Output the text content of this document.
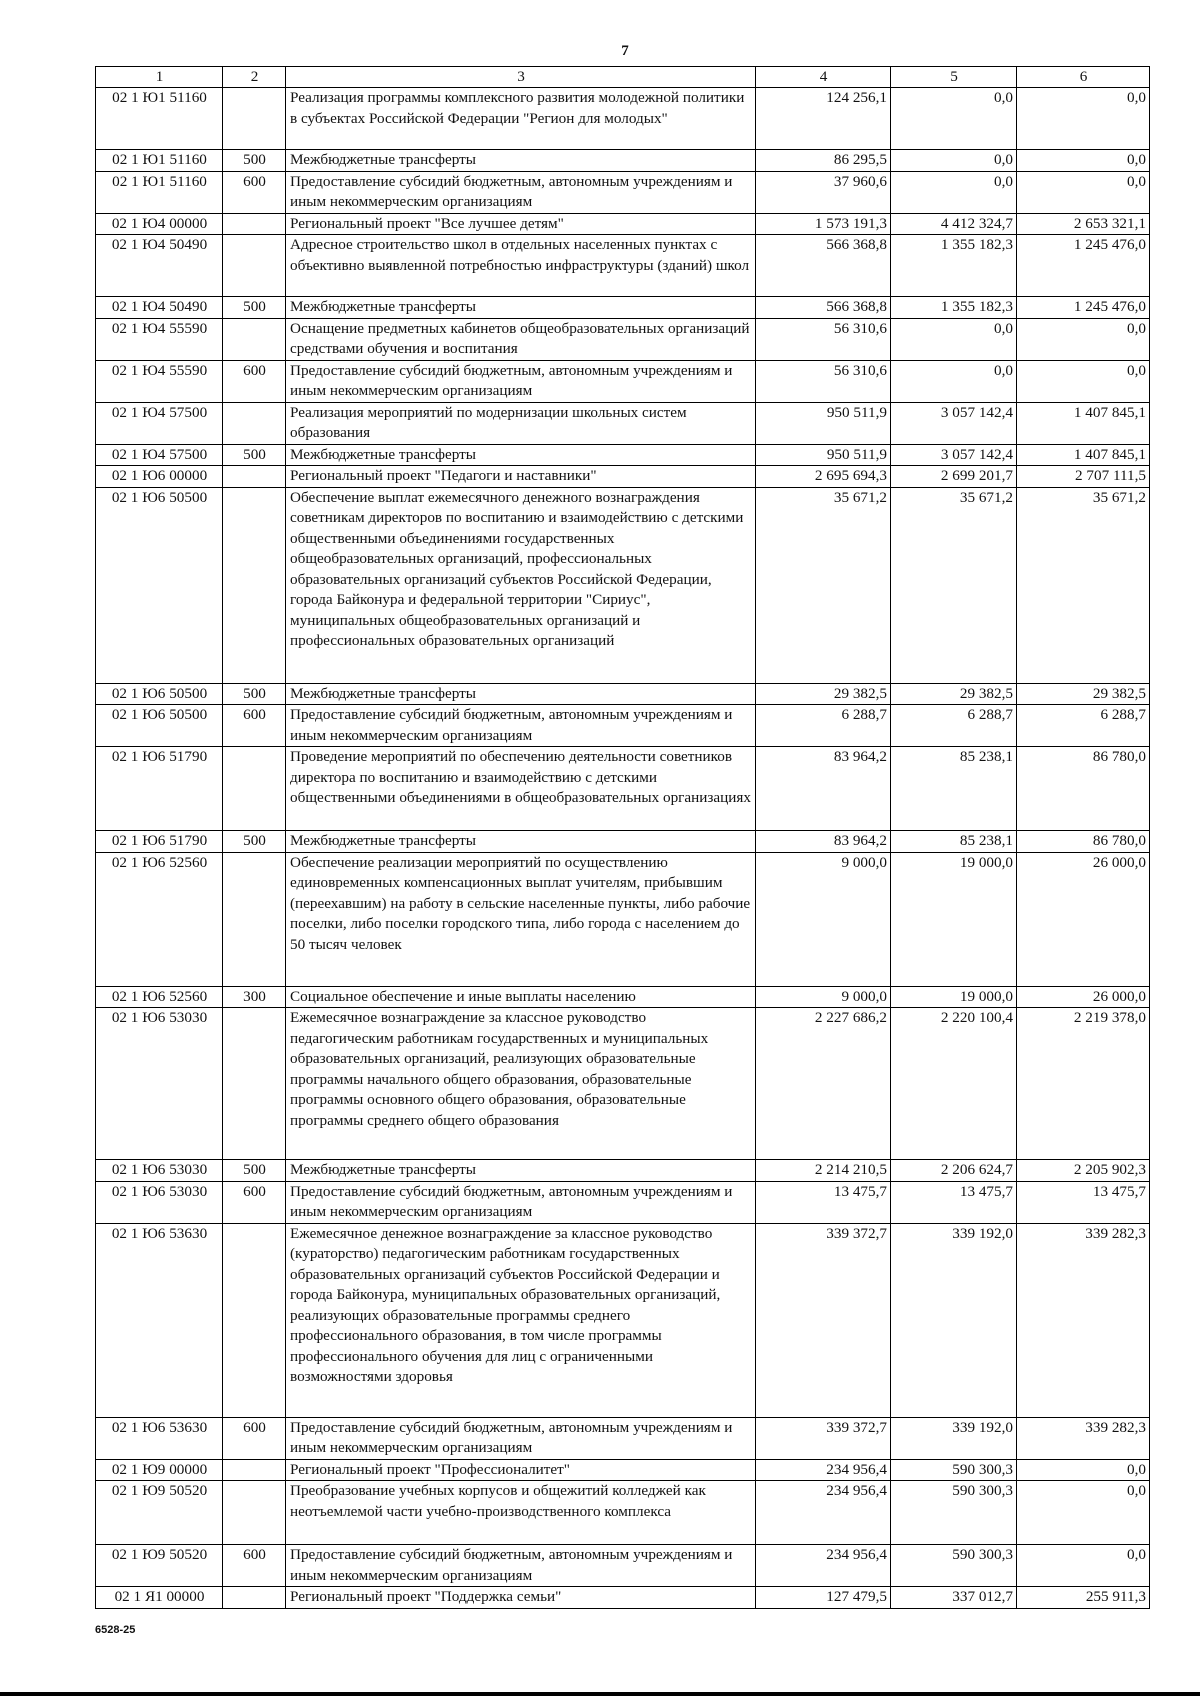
7
1	2	3	4	5	6
02 1 Ю1 51160		Реализация программы комплексного развития молодежной политики в субъектах Российской Федерации "Регион для молодых"	124 256,1	0,0	0,0
02 1 Ю1 51160	500	Межбюджетные трансферты	86 295,5	0,0	0,0
02 1 Ю1 51160	600	Предоставление субсидий бюджетным, автономным учреждениям и иным некоммерческим организациям	37 960,6	0,0	0,0
02 1 Ю4 00000		Региональный проект "Все лучшее детям"	1 573 191,3	4 412 324,7	2 653 321,1
02 1 Ю4 50490		Адресное строительство школ в отдельных населенных пунктах с объективно выявленной потребностью инфраструктуры (зданий) школ	566 368,8	1 355 182,3	1 245 476,0
02 1 Ю4 50490	500	Межбюджетные трансферты	566 368,8	1 355 182,3	1 245 476,0
02 1 Ю4 55590		Оснащение предметных кабинетов общеобразовательных организаций средствами обучения и воспитания	56 310,6	0,0	0,0
02 1 Ю4 55590	600	Предоставление субсидий бюджетным, автономным учреждениям и иным некоммерческим организациям	56 310,6	0,0	0,0
02 1 Ю4 57500		Реализация мероприятий по модернизации школьных систем образования	950 511,9	3 057 142,4	1 407 845,1
02 1 Ю4 57500	500	Межбюджетные трансферты	950 511,9	3 057 142,4	1 407 845,1
02 1 Ю6 00000		Региональный проект "Педагоги и наставники"	2 695 694,3	2 699 201,7	2 707 111,5
02 1 Ю6 50500		Обеспечение выплат ежемесячного денежного вознаграждения советникам директоров по воспитанию и взаимодействию с детскими общественными объединениями государственных общеобразовательных организаций, профессиональных образовательных организаций субъектов Российской Федерации, города Байконура и федеральной территории "Сириус", муниципальных общеобразовательных организаций и профессиональных образовательных организаций	35 671,2	35 671,2	35 671,2
02 1 Ю6 50500	500	Межбюджетные трансферты	29 382,5	29 382,5	29 382,5
02 1 Ю6 50500	600	Предоставление субсидий бюджетным, автономным учреждениям и иным некоммерческим организациям	6 288,7	6 288,7	6 288,7
02 1 Ю6 51790		Проведение мероприятий по обеспечению деятельности советников директора по воспитанию и взаимодействию с детскими общественными объединениями в общеобразовательных организациях	83 964,2	85 238,1	86 780,0
02 1 Ю6 51790	500	Межбюджетные трансферты	83 964,2	85 238,1	86 780,0
02 1 Ю6 52560		Обеспечение реализации мероприятий по осуществлению единовременных компенсационных выплат учителям, прибывшим (переехавшим) на работу в сельские населенные пункты, либо рабочие поселки, либо поселки городского типа, либо города с населением до 50 тысяч человек	9 000,0	19 000,0	26 000,0
02 1 Ю6 52560	300	Социальное обеспечение и иные выплаты населению	9 000,0	19 000,0	26 000,0
02 1 Ю6 53030		Ежемесячное вознаграждение за классное руководство педагогическим работникам государственных и муниципальных образовательных организаций, реализующих образовательные программы начального общего образования, образовательные программы основного общего образования, образовательные программы среднего общего образования	2 227 686,2	2 220 100,4	2 219 378,0
02 1 Ю6 53030	500	Межбюджетные трансферты	2 214 210,5	2 206 624,7	2 205 902,3
02 1 Ю6 53030	600	Предоставление субсидий бюджетным, автономным учреждениям и иным некоммерческим организациям	13 475,7	13 475,7	13 475,7
02 1 Ю6 53630		Ежемесячное денежное вознаграждение за классное руководство (кураторство) педагогическим работникам государственных образовательных организаций субъектов Российской Федерации и города Байконура, муниципальных образовательных организаций, реализующих образовательные программы среднего профессионального образования, в том числе программы профессионального обучения для лиц с ограниченными возможностями здоровья	339 372,7	339 192,0	339 282,3
02 1 Ю6 53630	600	Предоставление субсидий бюджетным, автономным учреждениям и иным некоммерческим организациям	339 372,7	339 192,0	339 282,3
02 1 Ю9 00000		Региональный проект "Профессионалитет"	234 956,4	590 300,3	0,0
02 1 Ю9 50520		Преобразование учебных корпусов и общежитий колледжей как неотъемлемой части учебно-производственного комплекса	234 956,4	590 300,3	0,0
02 1 Ю9 50520	600	Предоставление субсидий бюджетным, автономным учреждениям и иным некоммерческим организациям	234 956,4	590 300,3	0,0
02 1 Я1 00000		Региональный проект "Поддержка семьи"	127 479,5	337 012,7	255 911,3
6528-25
